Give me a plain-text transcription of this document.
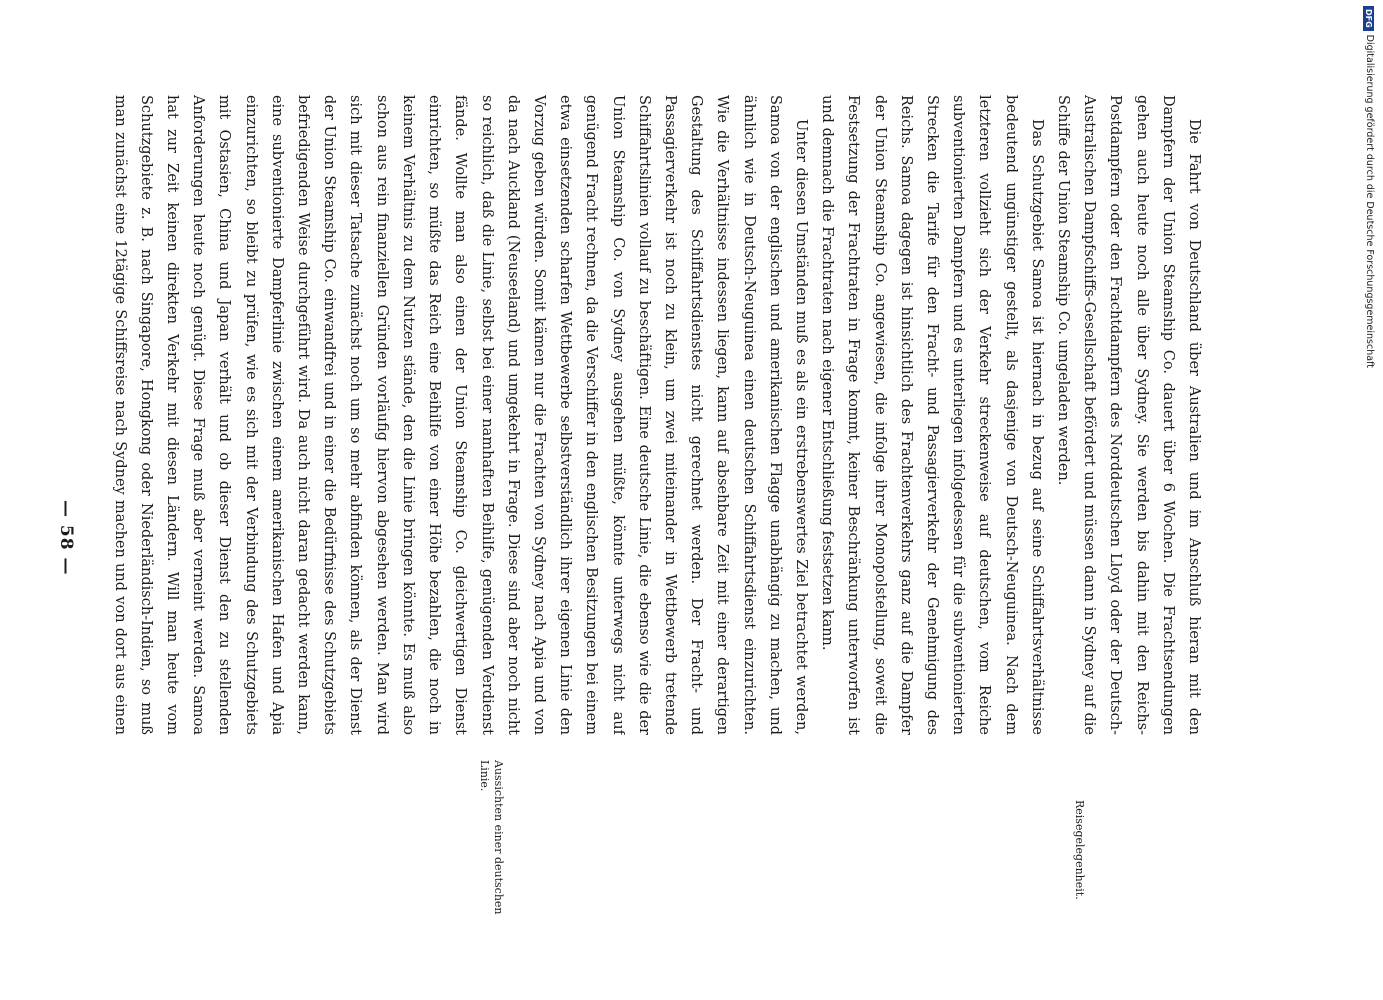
— 58 —	Die Fahrt von Deutschland über Australien und im Anschluß hieran mit den Dampfern der Union Steamship Co. dauert über 6 Wochen. Die Frachtsendungen gehen auch heute noch alle über Sydney. Sie werden bis dahin mit den Reichs-Postdampfern oder den Frachtdampfern des Norddeutschen Lloyd oder der Deutsch-Australischen Dampfschiffs-Gesellschaft befördert und müssen dann in Sydney auf die Schiffe der Union Steamship Co. umgeladen werden.

Das Schutzgebiet Samoa ist hiernach in bezug auf seine Schiffahrtsverhältnisse bedeutend ungünstiger gestellt, als dasjenige von Deutsch-Neuguinea. Nach dem letzteren vollzieht sich der Verkehr streckenweise auf deutschen, vom Reiche subventionierten Dampfern und es unterliegen infolgedessen für die subventionierten Strecken die Tarife für den Fracht- und Passagierverkehr der Genehmigung des Reichs. Samoa dagegen ist hinsichtlich des Frachtenverkehrs ganz auf die Dampfer der Union Steamship Co. angewiesen, die infolge ihrer Monopolstellung, soweit die Festsetzung der Frachtraten in Frage kommt, keiner Beschränkung unterworfen ist und demnach die Frachtraten nach eigener Entschließung festsetzen kann.

Unter diesen Umständen muß es als ein erstrebenswertes Ziel betrachtet werden, Samoa von der englischen und amerikanischen Flagge unabhängig zu machen, und ähnlich wie in Deutsch-Neuguinea einen deutschen Schiffahrtsdienst einzurichten. Wie die Verhältnisse indessen liegen, kann auf absehbare Zeit mit einer derartigen Gestaltung des Schiffahrtsdienstes nicht gerechnet werden. Der Fracht- und Passagierverkehr ist noch zu klein, um zwei miteinander in Wettbewerb tretende Schiffahrtslinien vollauf zu beschäftigen. Eine deutsche Linie, die ebenso wie die der Union Steamship Co. von Sydney ausgehen müßte, könnte unterwegs nicht auf genügend Fracht rechnen, da die Verschiffer in den englischen Besitzungen bei einem etwa einsetzenden scharfen Wettbewerbe selbstverständlich ihrer eigenen Linie den Vorzug geben würden. Somit kämen nur die Frachten von Sydney nach Apia und von da nach Auckland (Neuseeland) und umgekehrt in Frage. Diese sind aber noch nicht so reichlich, daß die Linie, selbst bei einer namhaften Beihilfe, genügenden Verdienst fände. Wollte man also einen der Union Steamship Co. gleichwertigen Dienst einrichten, so müßte das Reich eine Beihilfe von einer Höhe bezahlen, die noch in keinem Verhältnis zu dem Nutzen stände, den die Linie bringen könnte. Es muß also schon aus rein finanziellen Gründen vorläufig hiervon abgesehen werden. Man wird sich mit dieser Tatsache zunächst noch um so mehr abfinden können, als der Dienst der Union Steamship Co. einwandfrei und in einer die Bedürfnisse des Schutzgebiets befriedigenden Weise durchgeführt wird. Da auch nicht daran gedacht werden kann, eine subventionierte Dampferlinie zwischen einem amerikanischen Hafen und Apia einzurichten, so bleibt zu prüfen, wie es sich mit der Verbindung des Schutzgebiets mit Ostasien, China und Japan verhält und ob dieser Dienst den zu stellenden Anforderungen heute noch genügt. Diese Frage muß aber verneint werden. Samoa hat zur Zeit keinen direkten Verkehr mit diesen Ländern. Will man heute vom Schutzgebiete z. B. nach Singapore, Hongkong oder Niederländisch-Indien, so muß man zunächst eine 12tägige Schiffsreise nach Sydney machen und von dort aus einen

Aussichten einer deutschen Linie.
Reisegelegenheit.
DFG
Digitalisierung gefördert durch die Deutsche Forschungsgemeinschaft
